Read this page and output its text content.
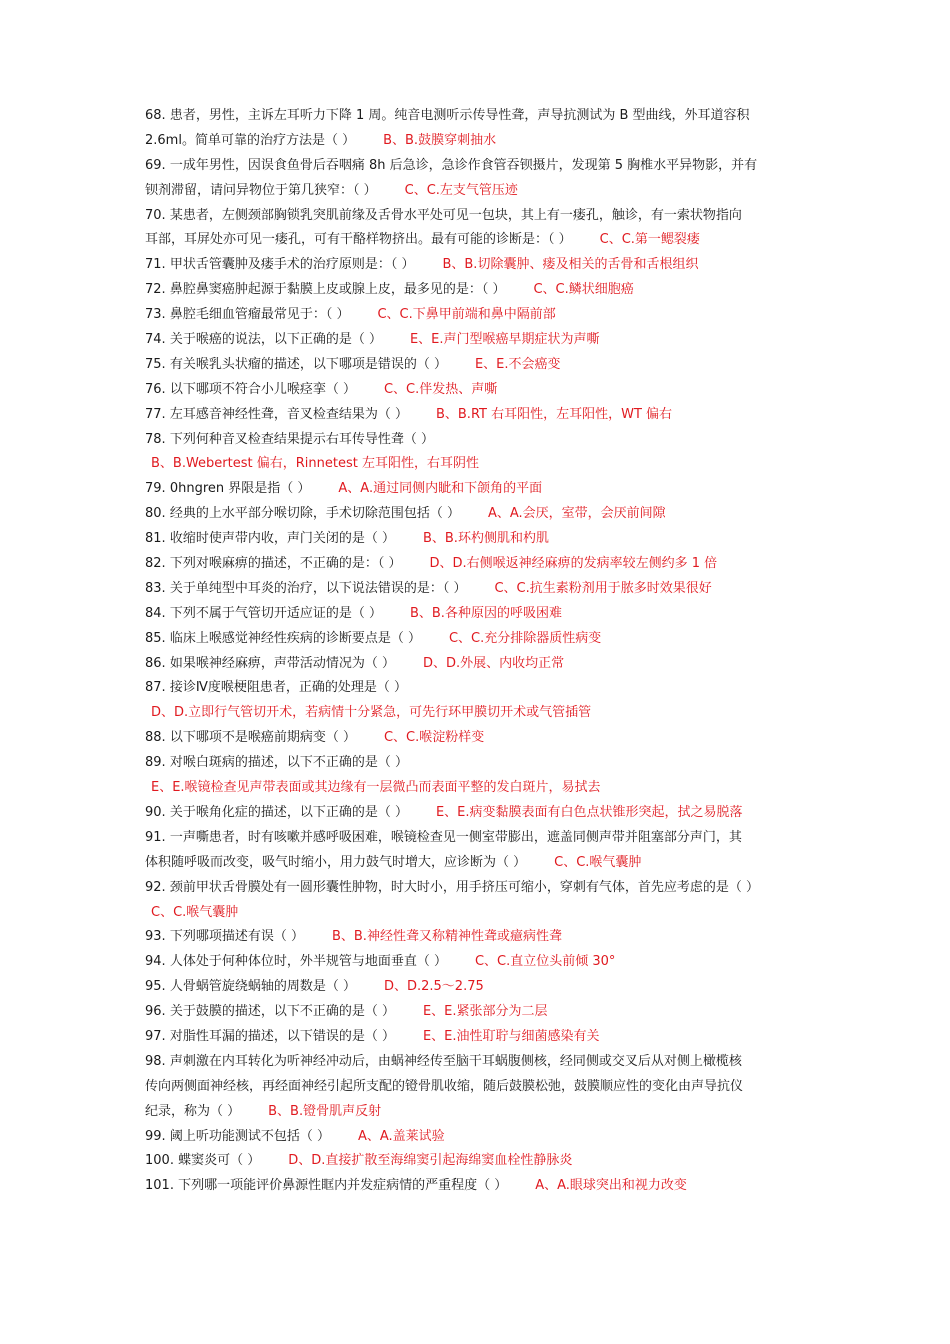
68. 患者，男性，主诉左耳听力下降 1 周。纯音电测听示传导性聋，声导抗测试为 B 型曲线，外耳道容积
2.6ml。简单可靠的治疗方法是（ ） B、B.鼓膜穿刺抽水
69. 一成年男性，因误食鱼骨后吞咽痛 8h 后急诊，急诊作食管吞钡摄片，发现第 5 胸椎水平异物影，并有
钡剂滞留，请问异物位于第几狭窄：（ ） C、C.左支气管压迹
70. 某患者，左侧颈部胸锁乳突肌前缘及舌骨水平处可见一包块，其上有一瘘孔，触诊，有一索状物指向
耳部，耳屏处亦可见一瘘孔，可有干酪样物挤出。最有可能的诊断是：（ ） C、C.第一鳃裂瘘
71. 甲状舌管囊肿及瘘手术的治疗原则是：（ ） B、B.切除囊肿、瘘及相关的舌骨和舌根组织
72. 鼻腔鼻窦癌肿起源于黏膜上皮或腺上皮，最多见的是：（ ） C、C.鳞状细胞癌
73. 鼻腔毛细血管瘤最常见于：（ ） C、C.下鼻甲前端和鼻中隔前部
74. 关于喉癌的说法，以下正确的是（ ） E、E.声门型喉癌早期症状为声嘶
75. 有关喉乳头状瘤的描述，以下哪项是错误的（ ） E、E.不会癌变
76. 以下哪项不符合小儿喉痉挛（ ） C、C.伴发热、声嘶
77. 左耳感音神经性聋，音叉检查结果为（ ） B、B.RT 右耳阳性，左耳阳性，WT 偏右
78. 下列何种音叉检查结果提示右耳传导性聋（ ）
B、B.Webertest 偏右，Rinnetest 左耳阳性，右耳阴性
79. 0hngren 界限是指（ ） A、A.通过同侧内眦和下颌角的平面
80. 经典的上水平部分喉切除，手术切除范围包括（ ） A、A.会厌，室带，会厌前间隙
81. 收缩时使声带内收，声门关闭的是（ ） B、B.环杓侧肌和杓肌
82. 下列对喉麻痹的描述，不正确的是：（ ） D、D.右侧喉返神经麻痹的发病率较左侧约多 1 倍
83. 关于单纯型中耳炎的治疗，以下说法错误的是：（ ） C、C.抗生素粉剂用于脓多时效果很好
84. 下列不属于气管切开适应证的是（ ） B、B.各种原因的呼吸困难
85. 临床上喉感觉神经性疾病的诊断要点是（ ） C、C.充分排除器质性病变
86. 如果喉神经麻痹，声带活动情况为（ ） D、D.外展、内收均正常
87. 接诊Ⅳ度喉梗阻患者，正确的处理是（ ）
D、D.立即行气管切开术，若病情十分紧急，可先行环甲膜切开术或气管插管
88. 以下哪项不是喉癌前期病变（ ） C、C.喉淀粉样变
89. 对喉白斑病的描述，以下不正确的是（ ）
E、E.喉镜检查见声带表面或其边缘有一层微凸而表面平整的发白斑片，易拭去
90. 关于喉角化症的描述，以下正确的是（ ） E、E.病变黏膜表面有白色点状锥形突起，拭之易脱落
91. 一声嘶患者，时有咳嗽并感呼吸困难，喉镜检查见一侧室带膨出，遮盖同侧声带并阻塞部分声门，其
体积随呼吸而改变，吸气时缩小，用力鼓气时增大，应诊断为（ ） C、C.喉气囊肿
92. 颈前甲状舌骨膜处有一圆形囊性肿物，时大时小，用手挤压可缩小，穿刺有气体，首先应考虑的是（ ）
C、C.喉气囊肿
93. 下列哪项描述有误（ ） B、B.神经性聋又称精神性聋或癔病性聋
94. 人体处于何种体位时，外半规管与地面垂直（ ） C、C.直立位头前倾 30°
95. 人骨蜗管旋绕蜗轴的周数是（ ） D、D.2.5～2.75
96. 关于鼓膜的描述，以下不正确的是（ ） E、E.紧张部分为二层
97. 对脂性耳漏的描述，以下错误的是（ ） E、E.油性耵聍与细菌感染有关
98. 声刺激在内耳转化为听神经冲动后，由蜗神经传至脑干耳蜗腹侧核，经同侧或交叉后从对侧上橄榄核
传向两侧面神经核，再经面神经引起所支配的镫骨肌收缩，随后鼓膜松弛，鼓膜顺应性的变化由声导抗仪
纪录，称为（ ） B、B.镫骨肌声反射
99. 阈上听功能测试不包括（ ） A、A.盖莱试验
100. 蝶窦炎可（ ） D、D.直接扩散至海绵窦引起海绵窦血栓性静脉炎
101. 下列哪一项能评价鼻源性眶内并发症病情的严重程度（ ） A、A.眼球突出和视力改变
